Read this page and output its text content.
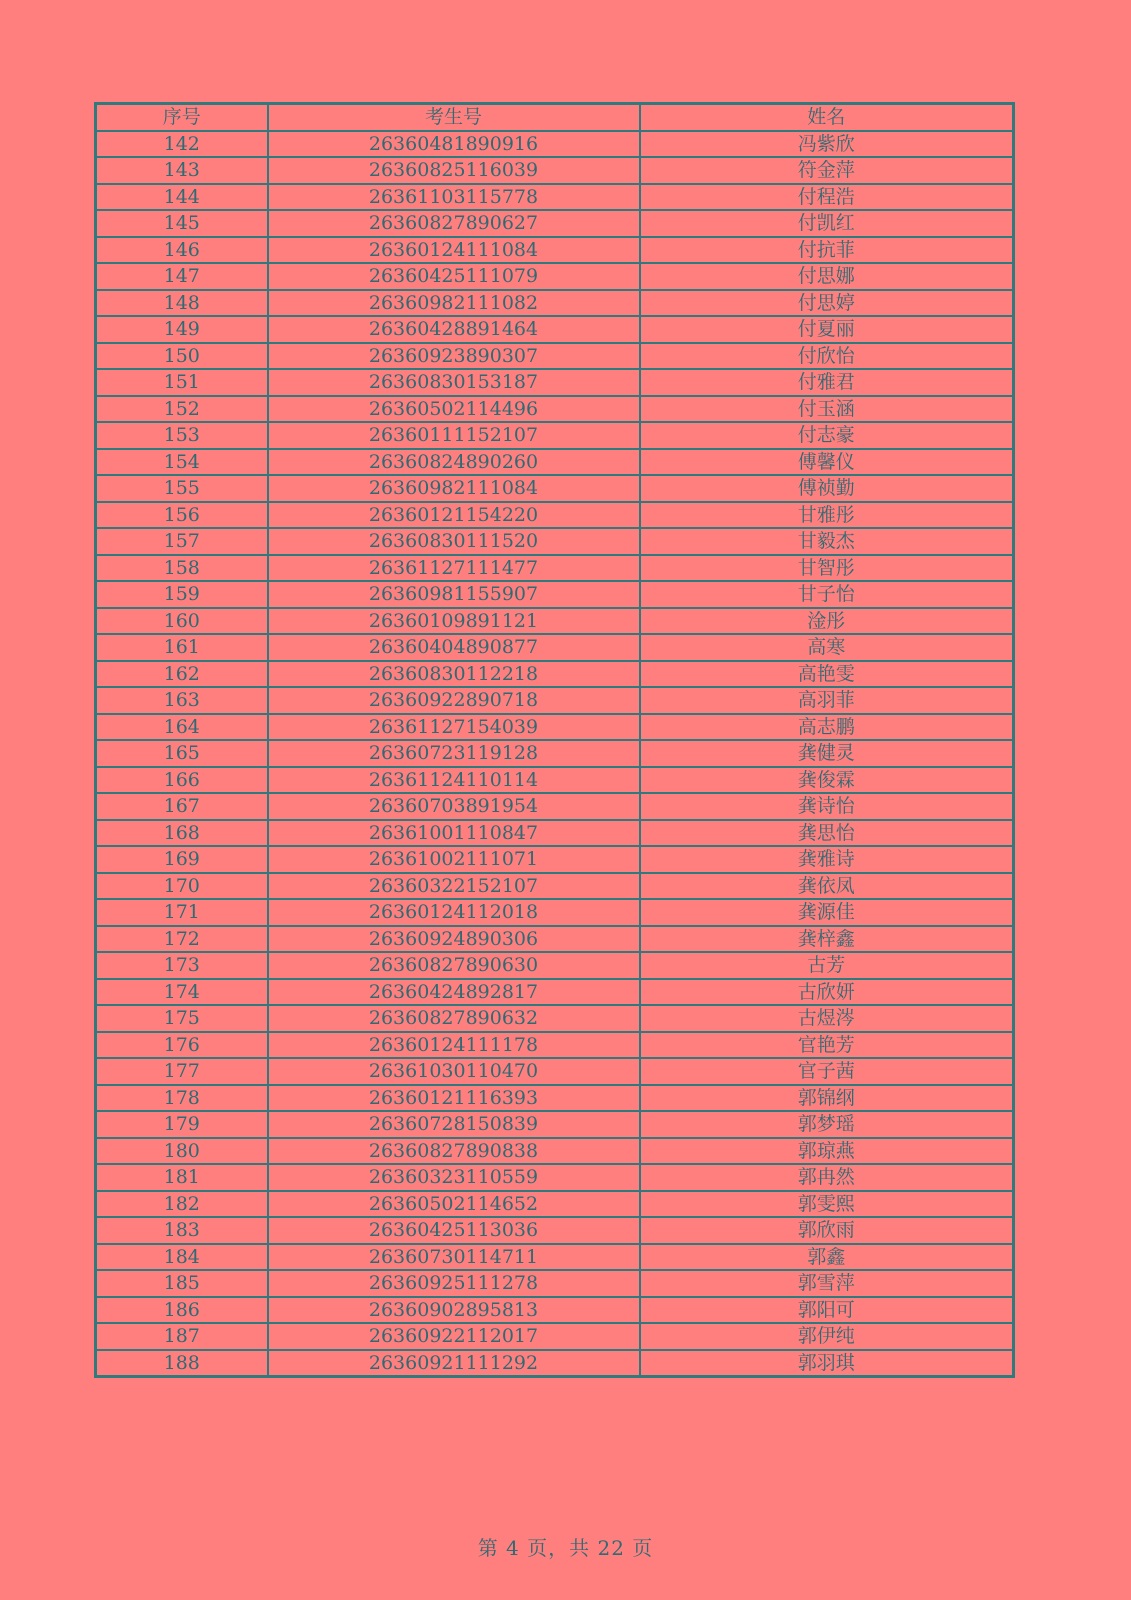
序号	考生号	姓名
142	26360481890916	冯紫欣
143	26360825116039	符金萍
144	26361103115778	付程浩
145	26360827890627	付凯红
146	26360124111084	付抗菲
147	26360425111079	付思娜
148	26360982111082	付思婷
149	26360428891464	付夏丽
150	26360923890307	付欣怡
151	26360830153187	付雅君
152	26360502114496	付玉涵
153	26360111152107	付志豪
154	26360824890260	傅馨仪
155	26360982111084	傅祯勤
156	26360121154220	甘雅彤
157	26360830111520	甘毅杰
158	26361127111477	甘智彤
159	26360981155907	甘子怡
160	26360109891121	淦彤
161	26360404890877	高寒
162	26360830112218	高艳雯
163	26360922890718	高羽菲
164	26361127154039	高志鹏
165	26360723119128	龚健灵
166	26361124110114	龚俊霖
167	26360703891954	龚诗怡
168	26361001110847	龚思怡
169	26361002111071	龚雅诗
170	26360322152107	龚依凤
171	26360124112018	龚源佳
172	26360924890306	龚梓鑫
173	26360827890630	古芳
174	26360424892817	古欣妍
175	26360827890632	古煜涔
176	26360124111178	官艳芳
177	26361030110470	官子茜
178	26360121116393	郭锦纲
179	26360728150839	郭梦瑶
180	26360827890838	郭琼燕
181	26360323110559	郭冉然
182	26360502114652	郭雯熙
183	26360425113036	郭欣雨
184	26360730114711	郭鑫
185	26360925111278	郭雪萍
186	26360902895813	郭阳可
187	26360922112017	郭伊纯
188	26360921111292	郭羽琪
第 4 页，共 22 页
